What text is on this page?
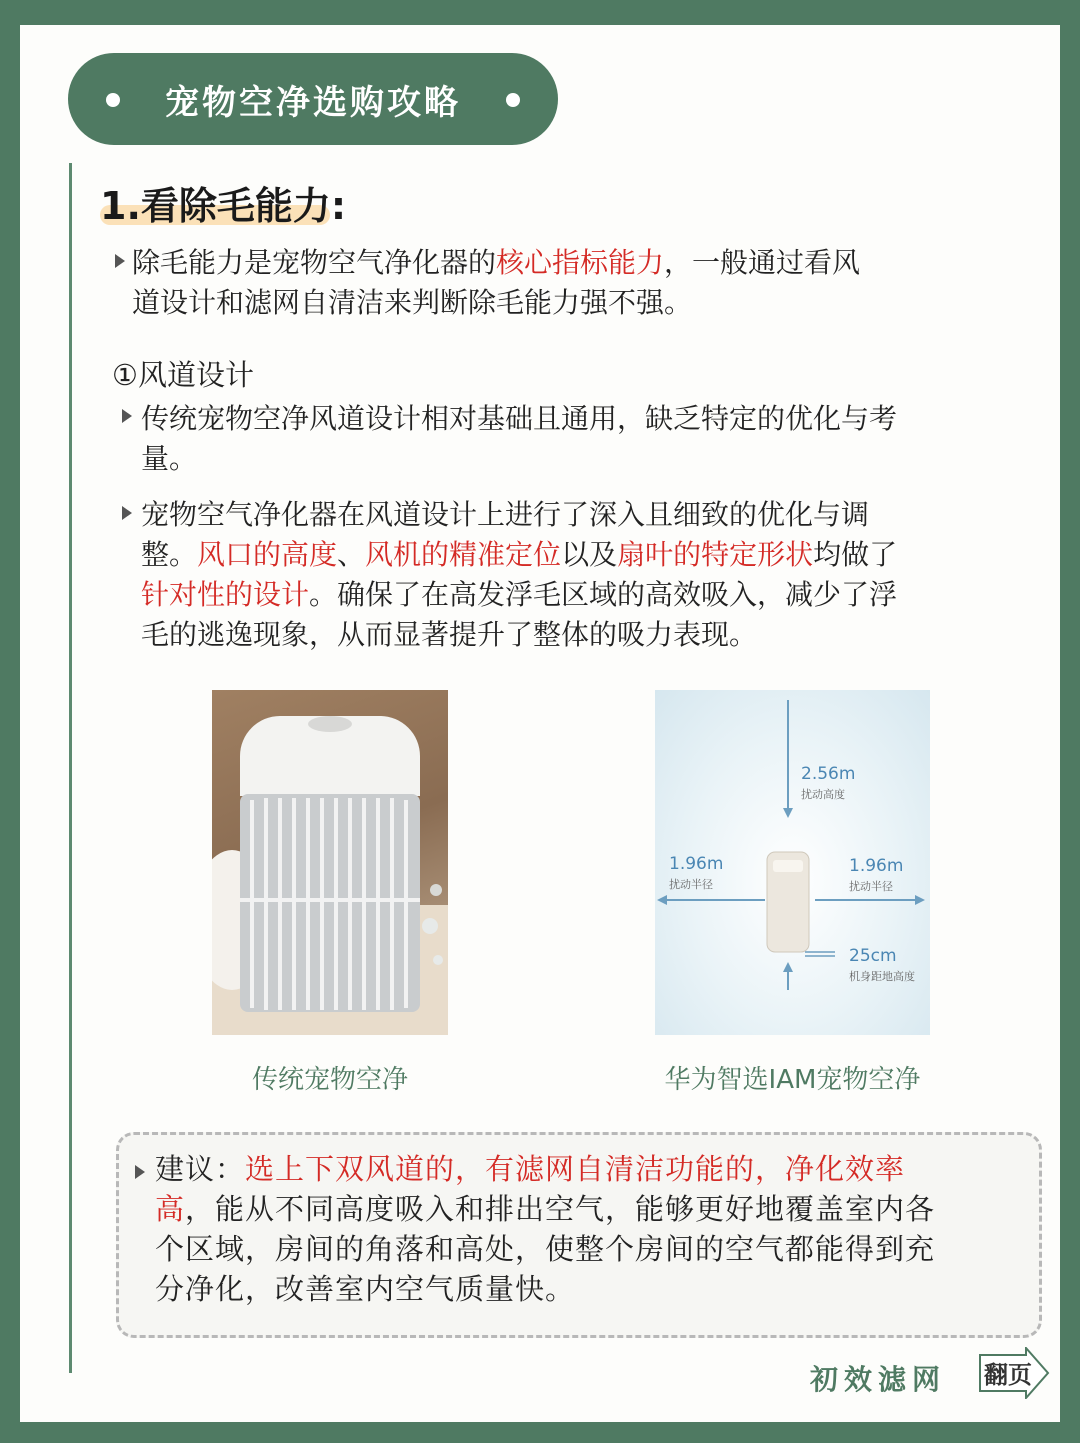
宠物空净选购攻略
1.看除毛能力:
除毛能力是宠物空气净化器的核心指标能力，一般通过看风
道设计和滤网自清洁来判断除毛能力强不强。
①风道设计
传统宠物空净风道设计相对基础且通用，缺乏特定的优化与考
量。
宠物空气净化器在风道设计上进行了深入且细致的优化与调
整。风口的高度、风机的精准定位以及扇叶的特定形状均做了
针对性的设计。确保了在高发浮毛区域的高效吸入，减少了浮
毛的逃逸现象，从而显著提升了整体的吸力表现。
传统宠物空净
2.56m
扰动高度
1.96m
扰动半径
1.96m
扰动半径
25cm
机身距地高度
华为智选IAM宠物空净
建议：选上下双风道的，有滤网自清洁功能的，净化效率
高，能从不同高度吸入和排出空气，能够更好地覆盖室内各
个区域，房间的角落和高处，使整个房间的空气都能得到充
分净化，改善室内空气质量快。
初效滤网 翻页
